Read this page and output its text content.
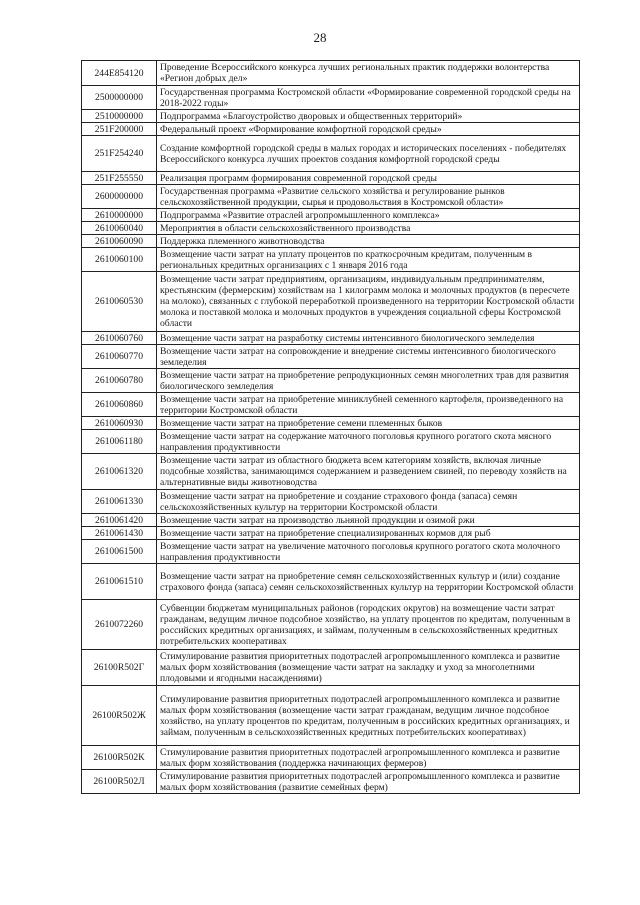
28
244E854120	Проведение Всероссийского конкурса лучших региональных практик поддержки волонтерства «Регион добрых дел»
2500000000	Государственная программа Костромской области «Формирование современной городской среды на 2018-2022 годы»
2510000000	Подпрограмма «Благоустройство дворовых и общественных территорий»
251F200000	Федеральный проект «Формирование комфортной городской среды»
251F254240	Создание комфортной городской среды в малых городах и исторических поселениях - победителях Всероссийского конкурса лучших проектов создания комфортной городской среды
251F255550	Реализация программ формирования современной городской среды
2600000000	Государственная программа «Развитие сельского хозяйства и регулирование рынков сельскохозяйственной продукции, сырья и продовольствия в Костромской области»
2610000000	Подпрограмма «Развитие отраслей агропромышленного комплекса»
2610060040	Мероприятия в области сельскохозяйственного производства
2610060090	Поддержка племенного животноводства
2610060100	Возмещение части затрат на уплату процентов по краткосрочным кредитам, полученным в региональных кредитных организациях с 1 января 2016 года
2610060530	Возмещение части затрат предприятиям, организациям, индивидуальным предпринимателям, крестьянским (фермерским) хозяйствам на 1 килограмм молока и молочных продуктов (в пересчете на молоко), связанных с глубокой переработкой произведенного на территории Костромской области молока и поставкой молока и молочных продуктов в учреждения социальной сферы Костромской области
2610060760	Возмещение части затрат на разработку системы интенсивного биологического земледелия
2610060770	Возмещение части затрат на сопровождение и внедрение системы интенсивного биологического земледелия
2610060780	Возмещение части затрат на приобретение репродукционных семян многолетних трав для развития биологического земледелия
2610060860	Возмещение части затрат на приобретение миниклубней семенного картофеля, произведенного на территории Костромской области
2610060930	Возмещение части затрат на приобретение семени племенных быков
2610061180	Возмещение части затрат на содержание маточного поголовья крупного рогатого скота мясного направления продуктивности
2610061320	Возмещение части затрат из областного бюджета всем категориям хозяйств, включая личные подсобные хозяйства, занимающимся содержанием и разведением свиней, по переводу хозяйств на альтернативные виды животноводства
2610061330	Возмещение части затрат на приобретение и создание страхового фонда (запаса) семян сельскохозяйственных культур на территории Костромской области
2610061420	Возмещение части затрат на производство льняной продукции и озимой ржи
2610061430	Возмещение части затрат на приобретение специализированных кормов для рыб
2610061500	Возмещение части затрат на увеличение маточного поголовья крупного рогатого скота молочного направления продуктивности
2610061510	Возмещение части затрат на приобретение семян сельскохозяйственных культур и (или) создание страхового фонда (запаса) семян сельскохозяйственных культур на территории Костромской области
2610072260	Субвенции бюджетам муниципальных районов (городских округов) на возмещение части затрат гражданам, ведущим личное подсобное хозяйство, на уплату процентов по кредитам, полученным в российских кредитных организациях, и займам, полученным в сельскохозяйственных кредитных потребительских кооперативах
26100R502Г	Стимулирование развития приоритетных подотраслей агропромышленного комплекса и развитие малых форм хозяйствования (возмещение части затрат на закладку и уход за многолетними плодовыми и ягодными насаждениями)
26100R502Ж	Стимулирование развития приоритетных подотраслей агропромышленного комплекса и развитие малых форм хозяйствования (возмещение части затрат гражданам, ведущим личное подсобное хозяйство, на уплату процентов по кредитам, полученным в российских кредитных организациях, и займам, полученным в сельскохозяйственных кредитных потребительских кооперативах)
26100R502К	Стимулирование развития приоритетных подотраслей агропромышленного комплекса и развитие малых форм хозяйствования (поддержка начинающих фермеров)
26100R502Л	Стимулирование развития приоритетных подотраслей агропромышленного комплекса и развитие малых форм хозяйствования (развитие семейных ферм)
